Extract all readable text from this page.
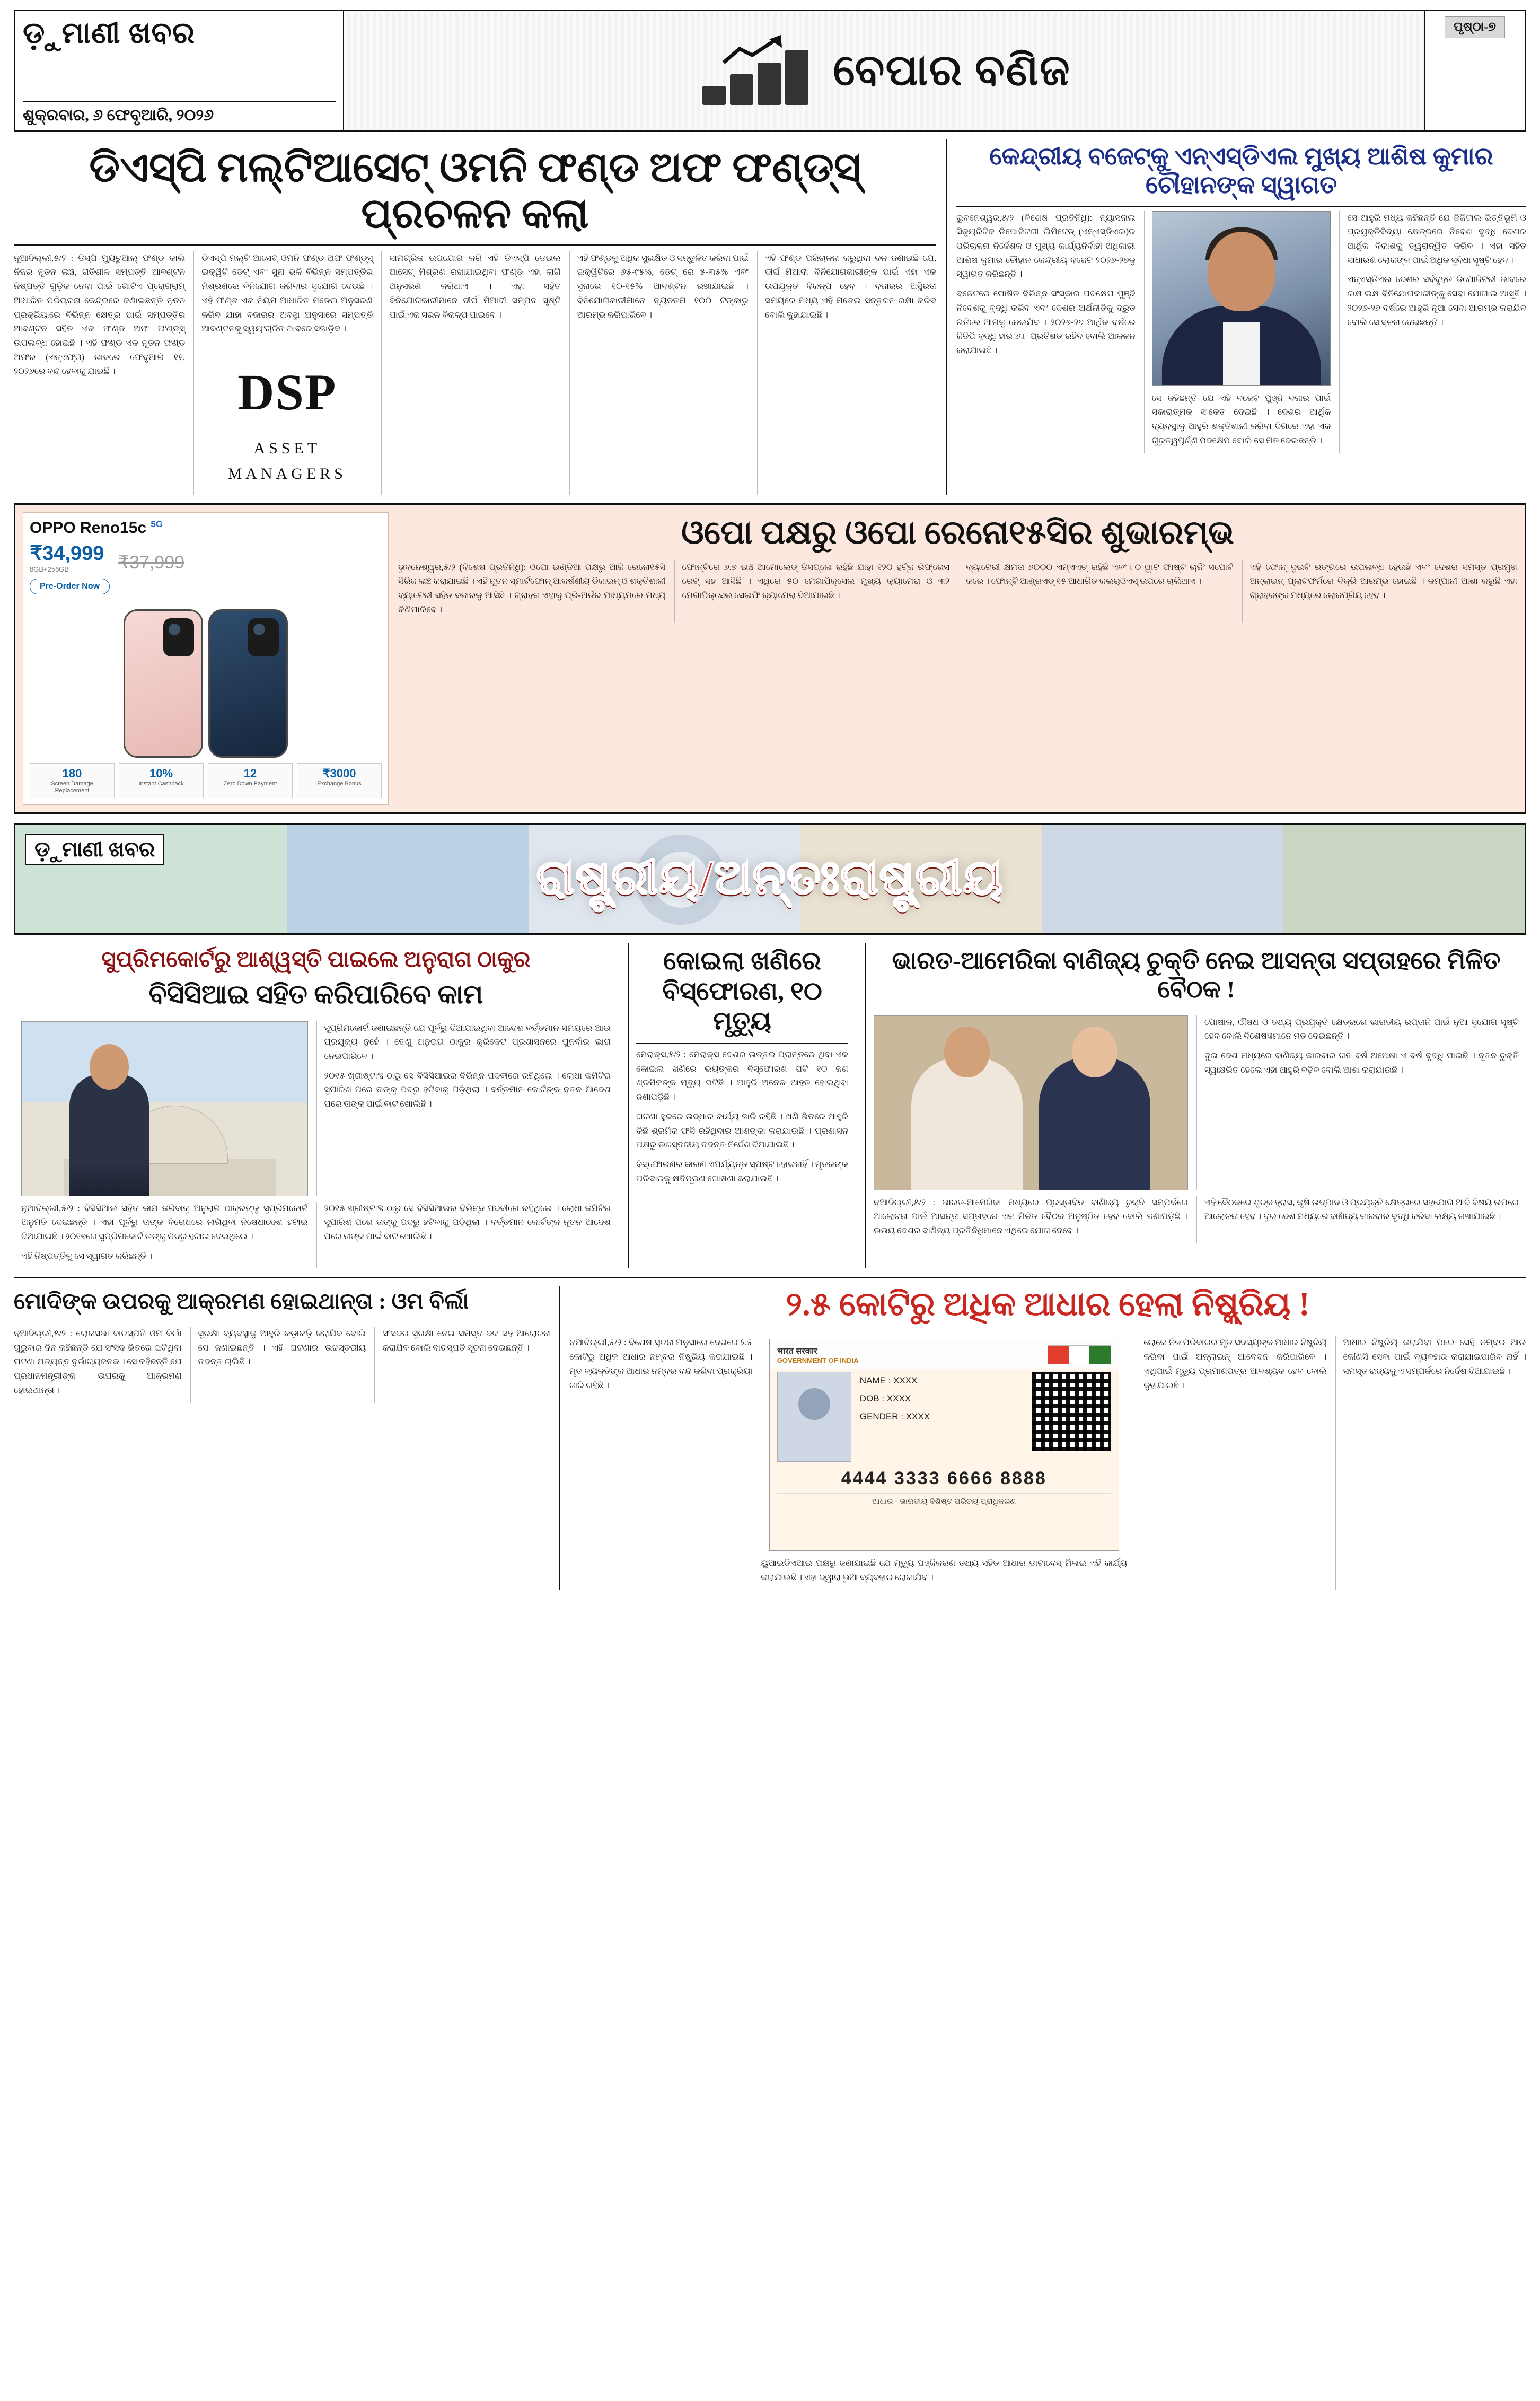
ଡ଼ୁମାଣୀ ଖବର
ଶୁକ୍ରବାର, ୬ ଫେବୃଆରି, ୨୦୨୬
ବେପାର ବଣିଜ
ପୃଷ୍ଠା-୭
ଡିଏସ୍‌ପି ମଲ୍‌ଟିଆସେଟ୍ ଓମନି ଫଣ୍ଡ ଅଫ ଫଣ୍ଡ୍‌ସ୍ ପ୍ରଚଳନ କଲା

ନୂଆଦିଲ୍ଲୀ,୫/୨ : ଡିସ୍‌ପି ମ୍ୟୁଚୁଆଲ୍ ଫଣ୍ଡ କାଲି ନିଜର ନୂତନ ଲଞ୍ଚ, ଗତିଶୀଳ ସମ୍ପତ୍ତି ଆବଣ୍ଟନ ନିଷ୍ପତ୍ତି ଗୁଡ଼ିକ ନେବା ପାଇଁ ଗୋଟିଏ ପ୍ରୋଗ୍ରାମ୍ ଆଧାରିତ ପରିଚାଳନା କେନ୍ଦ୍ରରେ ଜଣାଇଛନ୍ତି ନୂତନ ପ୍ରକ୍ରିୟାରେ ବିଭିନ୍ନ କ୍ଷେତ୍ର ପାଇଁ ସମ୍ପତ୍ତିର ଆବଣ୍ଟନ ସହିତ ଏକ ଫଣ୍ଡ ଅଫ ଫଣ୍ଡ୍‌ସ୍ ଉପଲବ୍ଧ ହୋଇଛି । ଏହି ଫଣ୍ଡ ଏକ ନୂତନ ଫଣ୍ଡ ଅଫର (ଏନ୍‌ଏଫ୍‌ଓ) ଭାବରେ ଫେବୃଆରି ୧୧, ୨୦୨୬ରେ ବନ୍ଦ ହେବାକୁ ଯାଇଛି ।

ଡିଏସ୍‌ପି ମଲ୍‌ଟି ଆସେଟ୍ ଓମନି ଫଣ୍ଡ ଅଫ ଫଣ୍ଡ୍‌ସ୍ ଇକ୍ୱିଟି ଡେଟ୍ ଏବଂ ସୁନା ଭଳି ବିଭିନ୍ନ ସମ୍ପତ୍ତିର ମିଶ୍ରଣରେ ବିନିଯୋଗ କରିବାର ସୁଯୋଗ ଦେଉଛି । ଏହି ଫଣ୍ଡ ଏକ ନିୟମ ଆଧାରିତ ମଡେଲ ଅନୁସରଣ କରିବ ଯାହା ବଜାରର ଅବସ୍ଥା ଅନୁସାରେ ସମ୍ପତ୍ତି ଆବଣ୍ଟନକୁ ସ୍ୱୟଂଚାଳିତ ଭାବରେ ସଜାଡ଼ିବ ।

DSP
ASSET MANAGERS

ସାମଗ୍ରିକ ଉପଯୋଗ କରି ଏହି ଡିଏସ୍‌ପି ଡେଇଲ ଆସେଟ୍ ମିଶ୍ରଣ ରଖାଯାଇଥିବା ଫଣ୍ଡ ଏହା ଲାଗି ଅନୁସରଣ କରିଥାଏ । ଏହା ସହିତ ବିନିଯୋଗକାରୀମାନେ ଦୀର୍ଘ ମିଆଦୀ ସମ୍ପଦ ସୃଷ୍ଟି ପାଇଁ ଏକ ସରଳ ବିକଳ୍ପ ପାଇବେ ।

ଏହି ଫଣ୍ଡକୁ ଅଧିକ ସୁରକ୍ଷିତ ଓ ସନ୍ତୁଳିତ କରିବା ପାଇଁ ଇକ୍ୱିଟିରେ ୬୫-୯୫%, ଡେଟ୍ ରେ ୫-୩୫% ଏବଂ ସୁନାରେ ୧୦-୧୫% ଆବଣ୍ଟନ ରଖାଯାଇଛି । ବିନିଯୋଗକାରୀମାନେ ନ୍ୟୂନତମ ୧୦୦ ଟଙ୍କାରୁ ଆରମ୍ଭ କରିପାରିବେ ।

ଏହି ଫଣ୍ଡ ପରିଚାଳନା କରୁଥିବା ଦଳ ଜଣାଇଛି ଯେ, ଦୀର୍ଘ ମିଆଦୀ ବିନିଯୋଗକାରୀଙ୍କ ପାଇଁ ଏହା ଏକ ଉପଯୁକ୍ତ ବିକଳ୍ପ ହେବ । ବଜାରର ଅସ୍ଥିରତା ସମୟରେ ମଧ୍ୟ ଏହି ମଡେଲ ସନ୍ତୁଳନ ରକ୍ଷା କରିବ ବୋଲି କୁହାଯାଇଛି ।

କେନ୍ଦ୍ରୀୟ ବଜେଟ୍‌କୁ ଏନ୍‌ଏସ୍‌ଡିଏଲ ମୁଖ୍ୟ ଆଶିଷ କୁମାର ଚୌହାନଙ୍କ ସ୍ୱାଗତ

ଭୁବନେଶ୍ୱର,୫/୨ (ବିଶେଷ ପ୍ରତିନିଧି): ନ୍ୟାସନାଲ ସିକ୍ୟୁରିଟିଜ ଡିପୋଜିଟରୀ ଲିମିଟେଡ୍ (ଏନ୍‌ଏସ୍‌ଡିଏଲ)ର ପରିଚାଳନା ନିର୍ଦ୍ଦେଶକ ଓ ମୁଖ୍ୟ କାର୍ଯ୍ୟନିର୍ବାହୀ ଅଧିକାରୀ ଆଶିଷ କୁମାର ଚୌହାନ କେନ୍ଦ୍ରୀୟ ବଜେଟ ୨୦୨୬-୨୭କୁ ସ୍ୱାଗତ କରିଛନ୍ତି ।

ବଜେଟରେ ଘୋଷିତ ବିଭିନ୍ନ ସଂସ୍କାର ପଦକ୍ଷେପ ପୁଞ୍ଜି ନିବେଶକୁ ବୃଦ୍ଧି କରିବ ଏବଂ ଦେଶର ଅର୍ଥନୀତିକୁ ଦ୍ରୁତ ଗତିରେ ଆଗକୁ ନେଇଯିବ । ୨୦୨୬-୨୭ ଆର୍ଥିକ ବର୍ଷରେ ଜିଡିପି ବୃଦ୍ଧି ହାର ୬.୮ ପ୍ରତିଶତ ରହିବ ବୋଲି ଆକଳନ କରାଯାଇଛି ।

ସେ କହିଛନ୍ତି ଯେ ଏହି ବଜେଟ ପୁଞ୍ଜି ବଜାର ପାଇଁ ସକାରାତ୍ମକ ସଂକେତ ଦେଇଛି । ଦେଶର ଆର୍ଥିକ ବ୍ୟବସ୍ଥାକୁ ଆହୁରି ଶକ୍ତିଶାଳୀ କରିବା ଦିଗରେ ଏହା ଏକ ଗୁରୁତ୍ୱପୂର୍ଣ୍ଣ ପଦକ୍ଷେପ ବୋଲି ସେ ମତ ଦେଇଛନ୍ତି ।

ସେ ଆହୁରି ମଧ୍ୟ କହିଛନ୍ତି ଯେ ଡିଜିଟାଲ ଭିତ୍ତିଭୂମି ଓ ପ୍ରଯୁକ୍ତିବିଦ୍ୟା କ୍ଷେତ୍ରରେ ନିବେଶ ବୃଦ୍ଧି ଦେଶର ଆର୍ଥିକ ବିକାଶକୁ ତ୍ୱରାନ୍ୱିତ କରିବ । ଏହା ସହିତ ସାଧାରଣ ଲୋକଙ୍କ ପାଇଁ ଅଧିକ ସୁବିଧା ସୃଷ୍ଟି ହେବ ।

ଏନ୍‌ଏସ୍‌ଡିଏଲ ଦେଶର ସର୍ବବୃହତ ଡିପୋଜିଟରୀ ଭାବରେ ଲକ୍ଷ ଲକ୍ଷ ବିନିଯୋଗକାରୀଙ୍କୁ ସେବା ଯୋଗାଇ ଆସୁଛି । ୨୦୨୬-୨୭ ବର୍ଷରେ ଆହୁରି ନୂଆ ସେବା ଆରମ୍ଭ କରାଯିବ ବୋଲି ସେ ସୂଚନା ଦେଇଛନ୍ତି ।

OPPO Reno15c $^{5G}$
₹34,999
8GB+256GB	₹37,999
Pre-Order Now
180
Screen Damage Replacement
10%
Instant Cashback
12
Zero Down Payment
₹3000
Exchange Bonus
ଓପୋ ପକ୍ଷରୁ ଓପୋ ରେନୋ୧୫ସିର ଶୁଭାରମ୍ଭ

ଭୁବନେଶ୍ୱର,୫/୨ (ବିଶେଷ ପ୍ରତିନିଧି): ଓପୋ ଇଣ୍ଡିଆ ପକ୍ଷରୁ ଆଜି ରେନୋ୧୫ସି ସିରିଜ ଲଞ୍ଚ କରାଯାଇଛି । ଏହି ନୂତନ ସ୍ମାର୍ଟଫୋନ୍ ଆକର୍ଷଣୀୟ ଡିଜାଇନ୍ ଓ ଶକ୍ତିଶାଳୀ ବ୍ୟାଟେରୀ ସହିତ ବଜାରକୁ ଆସିଛି । ଗ୍ରାହକ ଏହାକୁ ପ୍ରି-ଅର୍ଡର ମାଧ୍ୟମରେ ମଧ୍ୟ କିଣିପାରିବେ ।

ଫୋନ୍‌ଟିରେ ୬.୭ ଇଞ୍ଚ ଆମୋଲେଡ୍ ଡିସପ୍ଲେ ରହିଛି ଯାହା ୧୨୦ ହର୍ଟ୍‌ଜ ରିଫ୍ରେସ ରେଟ୍ ସହ ଆସିଛି । ଏଥିରେ ୫୦ ମେଗାପିକ୍ସେଲ ମୁଖ୍ୟ କ୍ୟାମେରା ଓ ୩୨ ମେଗାପିକ୍ସେଲ ସେଲଫି କ୍ୟାମେରା ଦିଆଯାଇଛି ।

ବ୍ୟାଟେରୀ କ୍ଷମତା ୬୦୦୦ ଏମ୍‌ଏଏଚ୍ ରହିଛି ଏବଂ ୮୦ ୱାଟ ଫାଷ୍ଟ ଚାର୍ଜିଂ ସପୋର୍ଟ କରେ । ଫୋନ୍‌ଟି ଆଣ୍ଡ୍ରଏଡ୍ ୧୫ ଆଧାରିତ କଲର୍‌ଓଏସ୍ ଉପରେ ଚାଲିଥାଏ ।

ଏହି ଫୋନ୍ ଦୁଇଟି ରଙ୍ଗରେ ଉପଲବ୍ଧ ହେଉଛି ଏବଂ ଦେଶର ସମସ୍ତ ପ୍ରମୁଖ ଅନ୍‌ଲାଇନ୍ ପ୍ଲାଟଫର୍ମରେ ବିକ୍ରି ଆରମ୍ଭ ହୋଇଛି । କମ୍ପାନୀ ଆଶା କରୁଛି ଏହା ଗ୍ରାହକଙ୍କ ମଧ୍ୟରେ ଲୋକପ୍ରିୟ ହେବ ।

ଡ଼ୁମାଣୀ ଖବର
ରାଷ୍ଟ୍ରୀୟ/ଅନ୍ତଃରାଷ୍ଟ୍ରୀୟ
ସୁପ୍ରିମକୋର୍ଟରୁ ଆଶ୍ୱସ୍ତି ପାଇଲେ ଅନୁରାଗ ଠାକୁର
ବିସିସିଆଇ ସହିତ କରିପାରିବେ କାମ

ସୁପ୍ରିମକୋର୍ଟ ଜଣାଇଛନ୍ତି ଯେ ପୂର୍ବରୁ ଦିଆଯାଇଥିବା ଆଦେଶ ବର୍ତ୍ତମାନ ସମୟରେ ଆଉ ପ୍ରଯୁଜ୍ୟ ନୁହେଁ । ତେଣୁ ଅନୁରାଗ ଠାକୁର କ୍ରିକେଟ ପ୍ରଶାସନରେ ପୁନର୍ବାର ଭାଗ ନେଇପାରିବେ ।

୨୦୧୫ ଖ୍ରୀଷ୍ଟାବ୍ଦ ଠାରୁ ସେ ବିସିସିଆଇର ବିଭିନ୍ନ ପଦବୀରେ ରହିଥିଲେ । ଲୋଧା କମିଟିର ସୁପାରିଶ ପରେ ତାଙ୍କୁ ପଦରୁ ହଟିବାକୁ ପଡ଼ିଥିଲା । ବର୍ତ୍ତମାନ କୋର୍ଟଙ୍କ ନୂତନ ଆଦେଶ ପରେ ତାଙ୍କ ପାଇଁ ବାଟ ଖୋଲିଛି ।

ନୂଆଦିଲ୍ଲୀ,୫/୨ : ବିସିସିଆଇ ସହିତ କାମ କରିବାକୁ ଅନୁରାଗ ଠାକୁରଙ୍କୁ ସୁପ୍ରିମକୋର୍ଟ ଅନୁମତି ଦେଇଛନ୍ତି । ଏହା ପୂର୍ବରୁ ତାଙ୍କ ବିରୋଧରେ ଲାଗିଥିବା ନିଷେଧାଦେଶ ହଟାଇ ଦିଆଯାଇଛି । ୨୦୧୭ରେ ସୁପ୍ରିମକୋର୍ଟ ତାଙ୍କୁ ପଦରୁ ହଟାଇ ଦେଇଥିଲେ ।

ଏହି ନିଷ୍ପତ୍ତିକୁ ସେ ସ୍ୱାଗତ କରିଛନ୍ତି ।

୨୦୧୫ ଖ୍ରୀଷ୍ଟାବ୍ଦ ଠାରୁ ସେ ବିସିସିଆଇର ବିଭିନ୍ନ ପଦବୀରେ ରହିଥିଲେ । ଲୋଧା କମିଟିର ସୁପାରିଶ ପରେ ତାଙ୍କୁ ପଦରୁ ହଟିବାକୁ ପଡ଼ିଥିଲା । ବର୍ତ୍ତମାନ କୋର୍ଟଙ୍କ ନୂତନ ଆଦେଶ ପରେ ତାଙ୍କ ପାଇଁ ବାଟ ଖୋଲିଛି ।

କୋଇଲା ଖଣିରେ ବିସ୍ଫୋରଣ, ୧୦ ମୃତ୍ୟୁ

ମେରାକ୍ସ,୫/୨ : ମେରାକ୍ସ ଦେଶର ଉତ୍ତର ପ୍ରାନ୍ତରେ ଥିବା ଏକ କୋଇଲା ଖଣିରେ ଭୟଙ୍କର ବିସ୍ଫୋରଣ ଘଟି ୧୦ ଜଣ ଶ୍ରମିକଙ୍କ ମୃତ୍ୟୁ ଘଟିଛି । ଆହୁରି ଅନେକ ଆହତ ହୋଇଥିବା ଜଣାପଡ଼ିଛି ।

ଘଟଣା ସ୍ଥଳରେ ଉଦ୍ଧାର କାର୍ଯ୍ୟ ଜାରି ରହିଛି । ଖଣି ଭିତରେ ଆହୁରି କିଛି ଶ୍ରମିକ ଫସି ରହିଥିବାର ଆଶଙ୍କା କରାଯାଉଛି । ପ୍ରଶାସନ ପକ୍ଷରୁ ଉଚ୍ଚସ୍ତରୀୟ ତଦନ୍ତ ନିର୍ଦ୍ଦେଶ ଦିଆଯାଇଛି ।

ବିସ୍ଫୋରଣର କାରଣ ଏପର୍ଯ୍ୟନ୍ତ ସ୍ପଷ୍ଟ ହୋଇନାହିଁ । ମୃତକଙ୍କ ପରିବାରକୁ କ୍ଷତିପୂରଣ ଘୋଷଣା କରାଯାଇଛି ।

ଭାରତ-ଆମେରିକା ବାଣିଜ୍ୟ ଚୁକ୍ତି ନେଇ ଆସନ୍ତା ସପ୍ତାହରେ ମିଳିତ ବୈଠକ !

ପୋଷାକ, ଔଷଧ ଓ ତଥ୍ୟ ପ୍ରଯୁକ୍ତି କ୍ଷେତ୍ରରେ ଭାରତୀୟ ରପ୍ତାନି ପାଇଁ ନୂଆ ସୁଯୋଗ ସୃଷ୍ଟି ହେବ ବୋଲି ବିଶେଷଜ୍ଞମାନେ ମତ ଦେଇଛନ୍ତି ।

ଦୁଇ ଦେଶ ମଧ୍ୟରେ ବାଣିଜ୍ୟ କାରବାର ଗତ ବର୍ଷ ଅପେକ୍ଷା ଏ ବର୍ଷ ବୃଦ୍ଧି ପାଇଛି । ନୂତନ ଚୁକ୍ତି ସ୍ୱାକ୍ଷରିତ ହେଲେ ଏହା ଆହୁରି ବଢ଼ିବ ବୋଲି ଆଶା କରାଯାଉଛି ।

ନୂଆଦିଲ୍ଲୀ,୫/୨ : ଭାରତ-ଆମେରିକା ମଧ୍ୟରେ ପ୍ରସ୍ତାବିତ ବାଣିଜ୍ୟ ଚୁକ୍ତି ସମ୍ପର୍କରେ ଆଲୋଚନା ପାଇଁ ଆସନ୍ତା ସପ୍ତାହରେ ଏକ ମିଳିତ ବୈଠକ ଅନୁଷ୍ଠିତ ହେବ ବୋଲି ଜଣାପଡ଼ିଛି । ଉଭୟ ଦେଶର ବାଣିଜ୍ୟ ପ୍ରତିନିଧିମାନେ ଏଥିରେ ଯୋଗ ଦେବେ ।

ଏହି ବୈଠକରେ ଶୁଳ୍କ ହ୍ରାସ, କୃଷି ଉତ୍ପାଦ ଓ ପ୍ରଯୁକ୍ତି କ୍ଷେତ୍ରରେ ସହଯୋଗ ଆଦି ବିଷୟ ଉପରେ ଆଲୋଚନା ହେବ । ଦୁଇ ଦେଶ ମଧ୍ୟରେ ବାଣିଜ୍ୟ କାରବାର ବୃଦ୍ଧି କରିବା ଲକ୍ଷ୍ୟ ରଖାଯାଇଛି ।

ମୋଦିଙ୍କ ଉପରକୁ ଆକ୍ରମଣ ହୋଇଥାନ୍ତା : ଓମ ବିର୍ଲା

ନୂଆଦିଲ୍ଲୀ,୫/୨ : ଲୋକସଭା ବାଚସ୍ପତି ଓମ ବିର୍ଲା ଗୁରୁବାର ଦିନ କହିଛନ୍ତି ଯେ ସଂସଦ ଭିତରେ ଘଟିଥିବା ଘଟଣା ଅତ୍ୟନ୍ତ ଦୁର୍ଭାଗ୍ୟଜନକ । ସେ କହିଛନ୍ତି ଯେ ପ୍ରଧାନମନ୍ତ୍ରୀଙ୍କ ଉପରକୁ ଆକ୍ରମଣ ହୋଇଥାନ୍ତା ।

ସୁରକ୍ଷା ବ୍ୟବସ୍ଥାକୁ ଆହୁରି କଡ଼ାକଡ଼ି କରାଯିବ ବୋଲି ସେ ଜଣାଇଛନ୍ତି । ଏହି ଘଟଣାର ଉଚ୍ଚସ୍ତରୀୟ ତଦନ୍ତ ଚାଲିଛି ।

ସଂସଦର ସୁରକ୍ଷା ନେଇ ସମସ୍ତ ଦଳ ସହ ଆଲୋଚନା କରାଯିବ ବୋଲି ବାଚସ୍ପତି ସୂଚନା ଦେଇଛନ୍ତି ।

୨.୫ କୋଟିରୁ ଅଧିକ ଆଧାର ହେଲା ନିଷ୍କ୍ରିୟ !

ନୂଆଦିଲ୍ଲୀ,୫/୨ : ବିଶେଷ ସୂଚନା ଅନୁସାରେ ଦେଶରେ ୨.୫ କୋଟିରୁ ଅଧିକ ଆଧାର ନମ୍ବର ନିଷ୍କ୍ରିୟ କରାଯାଇଛି । ମୃତ ବ୍ୟକ୍ତିଙ୍କ ଆଧାର ନମ୍ବର ବନ୍ଦ କରିବା ପ୍ରକ୍ରିୟା ଜାରି ରହିଛି ।

भारत सरकार
GOVERNMENT OF INDIA
NAME : XXXX
DOB : XXXX
GENDER : XXXX
4444 3333 6666 8888
ଆଧାର - ଭାରତୀୟ ବିଶିଷ୍ଟ ପରିଚୟ ପ୍ରାଧିକରଣ

ୟୁଆଇଡିଏଆଇ ପକ୍ଷରୁ ଜଣାଯାଇଛି ଯେ ମୃତ୍ୟୁ ପଞ୍ଜିକରଣ ତଥ୍ୟ ସହିତ ଆଧାର ଡାଟାବେସ୍ ମିଳାଇ ଏହି କାର୍ଯ୍ୟ କରାଯାଉଛି । ଏହା ଦ୍ୱାରା ଭୁଆ ବ୍ୟବହାର ରୋକାଯିବ ।

ଲୋକେ ନିଜ ପରିବାରର ମୃତ ସଦସ୍ୟଙ୍କ ଆଧାର ନିଷ୍କ୍ରିୟ କରିବା ପାଇଁ ଅନ୍‌ଲାଇନ୍ ଆବେଦନ କରିପାରିବେ । ଏଥିପାଇଁ ମୃତ୍ୟୁ ପ୍ରମାଣପତ୍ର ଆବଶ୍ୟକ ହେବ ବୋଲି କୁହାଯାଇଛି ।

ଆଧାର ନିଷ୍କ୍ରିୟ କରାଯିବା ପରେ ସେହି ନମ୍ବର ଆଉ କୌଣସି ସେବା ପାଇଁ ବ୍ୟବହାର କରାଯାଇପାରିବ ନାହିଁ । ସମସ୍ତ ରାଜ୍ୟକୁ ଏ ସମ୍ପର୍କରେ ନିର୍ଦ୍ଦେଶ ଦିଆଯାଇଛି ।
